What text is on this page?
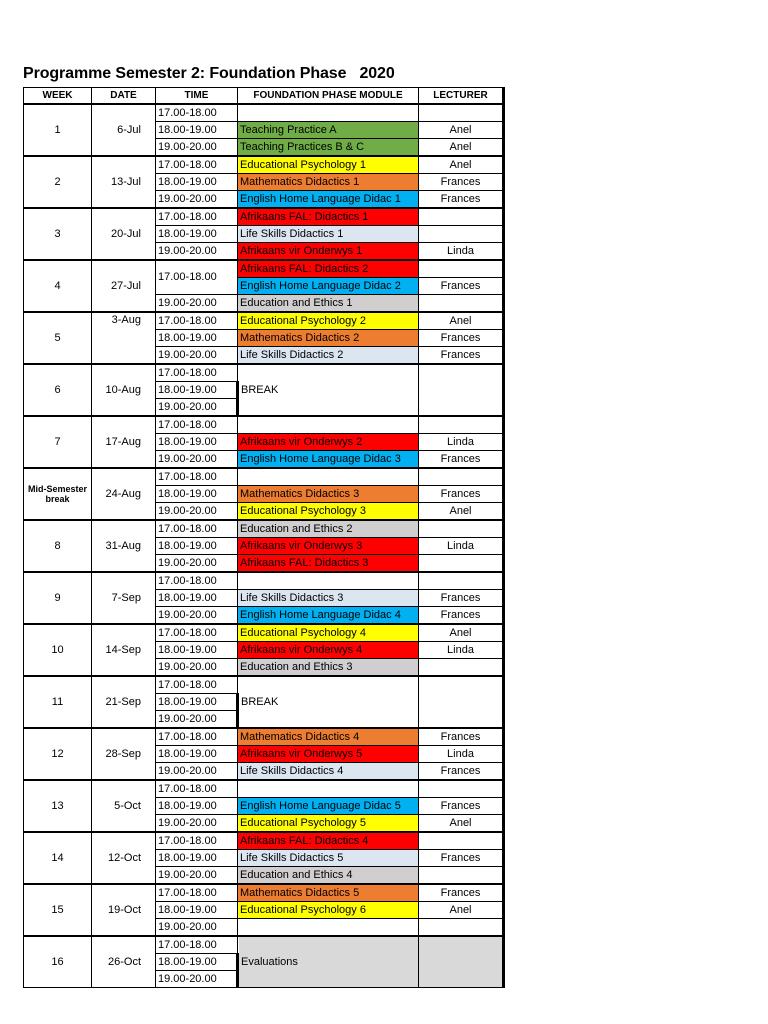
Programme Semester 2: Foundation Phase   2020
WEEK	DATE	TIME	FOUNDATION PHASE MODULE	LECTURER
1	6-Jul	17.00-18.00		
		18.00-19.00	Teaching Practice A	Anel
		19.00-20.00	Teaching Practices B & C	Anel
2	13-Jul	17.00-18.00	Educational Psychology 1	Anel
		18.00-19.00	Mathematics Didactics 1	Frances
		19.00-20.00	English Home Language Didac 1	Frances
3	20-Jul	17.00-18.00	Afrikaans FAL: Didactics 1	
		18.00-19.00	Life Skills Didactics 1	
		19.00-20.00	Afrikaans vir Onderwys 1	Linda
4	27-Jul	17.00-18.00	Afrikaans FAL: Didactics 2	
			English Home Language Didac 2	Frances
		19.00-20.00	Education and Ethics 1	
5	3-Aug	17.00-18.00	Educational Psychology 2	Anel
		18.00-19.00	Mathematics Didactics 2	Frances
		19.00-20.00	Life Skills Didactics 2	Frances
6	10-Aug	17.00-18.00	BREAK	
		18.00-19.00		
		19.00-20.00		
7	17-Aug	17.00-18.00		
		18.00-19.00	Afrikaans vir Onderwys 2	Linda
		19.00-20.00	English Home Language Didac 3	Frances
Mid-Semester break	24-Aug	17.00-18.00		
		18.00-19.00	Mathematics Didactics 3	Frances
		19.00-20.00	Educational Psychology 3	Anel
8	31-Aug	17.00-18.00	Education and Ethics 2	
		18.00-19.00	Afrikaans vir Onderwys 3	Linda
		19.00-20.00	Afrikaans FAL: Didactics 3	
9	7-Sep	17.00-18.00		
		18.00-19.00	Life Skills Didactics 3	Frances
		19.00-20.00	English Home Language Didac 4	Frances
10	14-Sep	17.00-18.00	Educational Psychology 4	Anel
		18.00-19.00	Afrikaans vir Onderwys 4	Linda
		19.00-20.00	Education and Ethics 3	
11	21-Sep	17.00-18.00	BREAK	
		18.00-19.00		
		19.00-20.00		
12	28-Sep	17.00-18.00	Mathematics Didactics 4	Frances
		18.00-19.00	Afrikaans vir Onderwys 5	Linda
		19.00-20.00	Life Skills Didactics 4	Frances
13	5-Oct	17.00-18.00		
		18.00-19.00	English Home Language Didac 5	Frances
		19.00-20.00	Educational Psychology 5	Anel
14	12-Oct	17.00-18.00	Afrikaans FAL: Didactics 4	
		18.00-19.00	Life Skills Didactics 5	Frances
		19.00-20.00	Education and Ethics 4	
15	19-Oct	17.00-18.00	Mathematics Didactics 5	Frances
		18.00-19.00	Educational Psychology 6	Anel
		19.00-20.00		
16	26-Oct	17.00-18.00	Evaluations	
		18.00-19.00		
		19.00-20.00		
